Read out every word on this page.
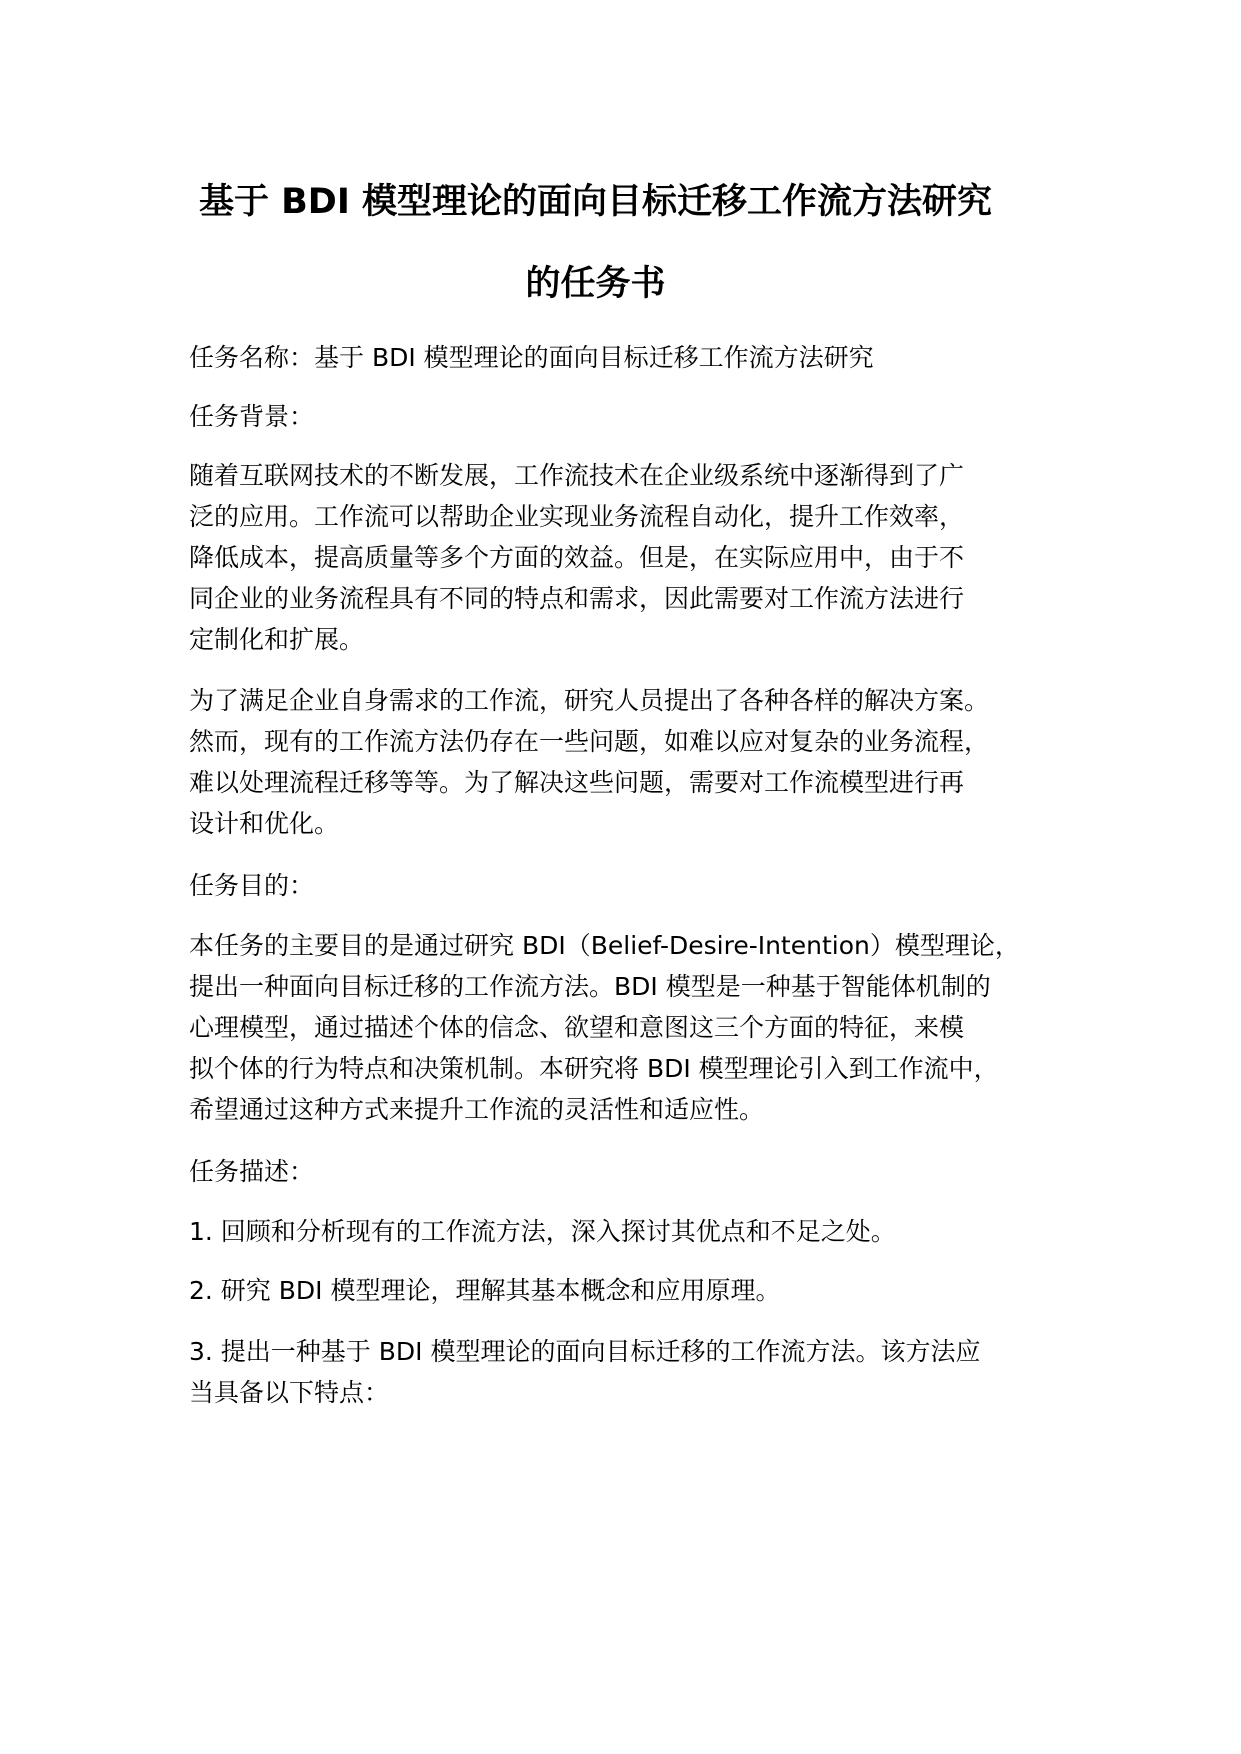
基于 BDI 模型理论的面向目标迁移工作流方法研究
的任务书
任务名称：基于 BDI 模型理论的面向目标迁移工作流方法研究
任务背景：
随着互联网技术的不断发展，工作流技术在企业级系统中逐渐得到了广
泛的应用。工作流可以帮助企业实现业务流程自动化，提升工作效率，
降低成本，提高质量等多个方面的效益。但是，在实际应用中，由于不
同企业的业务流程具有不同的特点和需求，因此需要对工作流方法进行
定制化和扩展。
为了满足企业自身需求的工作流，研究人员提出了各种各样的解决方案。
然而，现有的工作流方法仍存在一些问题，如难以应对复杂的业务流程，
难以处理流程迁移等等。为了解决这些问题，需要对工作流模型进行再
设计和优化。
任务目的：
本任务的主要目的是通过研究 BDI（Belief-Desire-Intention）模型理论，
提出一种面向目标迁移的工作流方法。BDI 模型是一种基于智能体机制的
心理模型，通过描述个体的信念、欲望和意图这三个方面的特征，来模
拟个体的行为特点和决策机制。本研究将 BDI 模型理论引入到工作流中，
希望通过这种方式来提升工作流的灵活性和适应性。
任务描述：
1. 回顾和分析现有的工作流方法，深入探讨其优点和不足之处。
2. 研究 BDI 模型理论，理解其基本概念和应用原理。
3. 提出一种基于 BDI 模型理论的面向目标迁移的工作流方法。该方法应
当具备以下特点：
